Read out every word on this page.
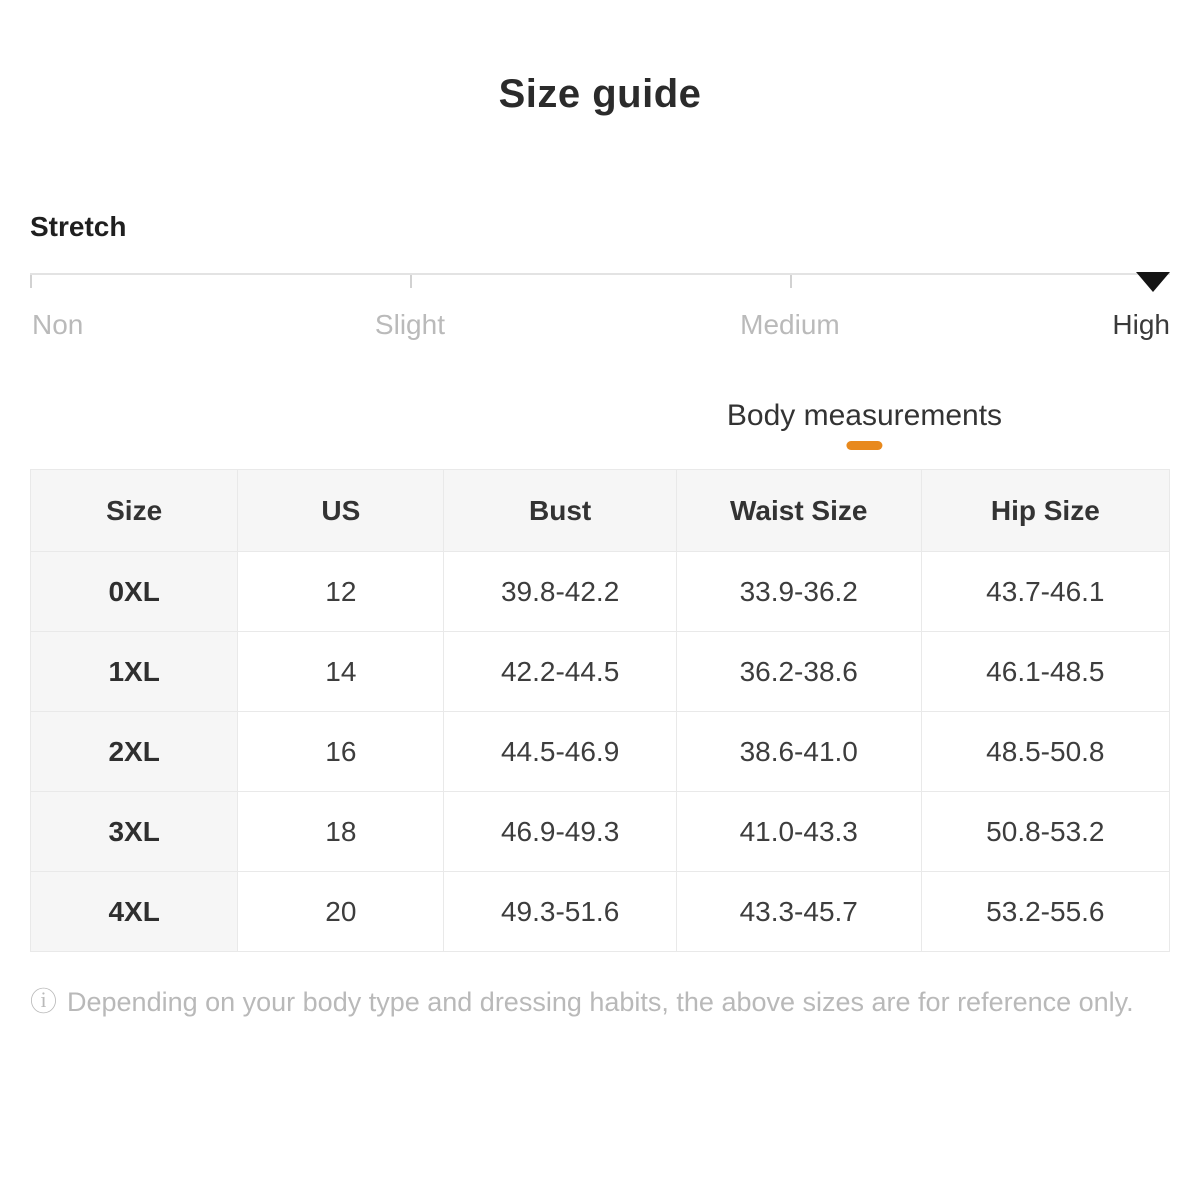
Size guide
Stretch
Non	Slight	Medium	High
Body measurements
Size	US	Bust	Waist Size	Hip Size
0XL	12	39.8-42.2	33.9-36.2	43.7-46.1
1XL	14	42.2-44.5	36.2-38.6	46.1-48.5
2XL	16	44.5-46.9	38.6-41.0	48.5-50.8
3XL	18	46.9-49.3	41.0-43.3	50.8-53.2
4XL	20	49.3-51.6	43.3-45.7	53.2-55.6
ⓘ Depending on your body type and dressing habits, the above sizes are for reference only.
